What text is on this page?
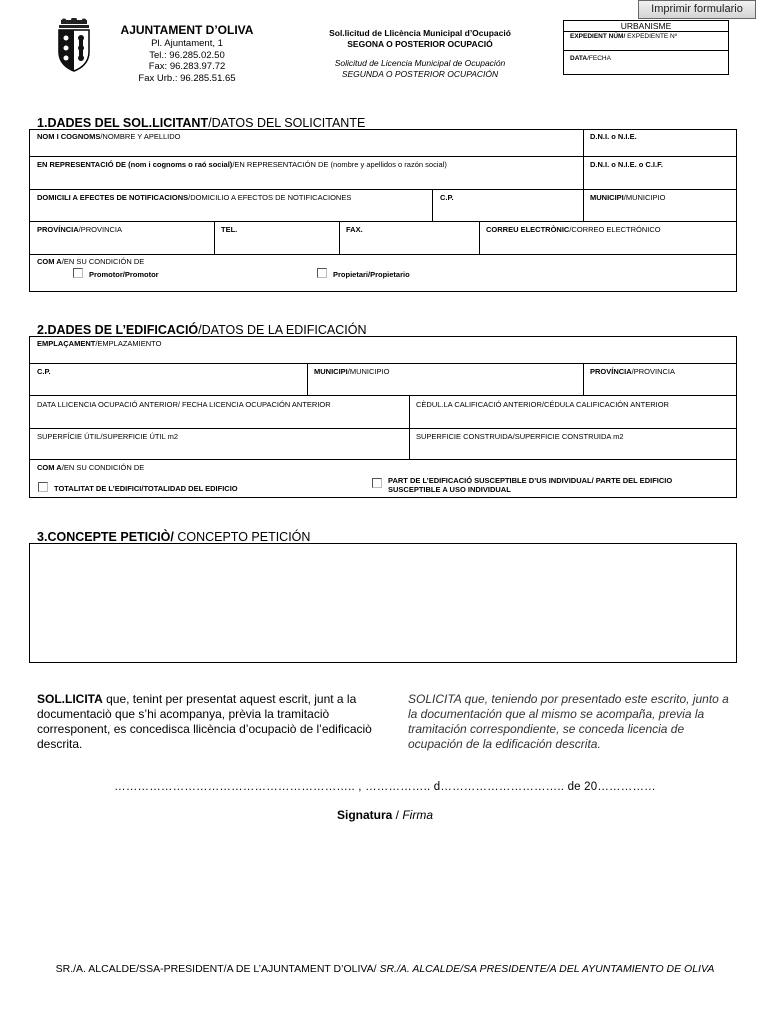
Imprimir formulario
AJUNTAMENT D’OLIVA
Pl. Ajuntament, 1
Tel.: 96.285.02.50
Fax: 96.283.97.72
Fax Urb.: 96.285.51.65
Sol.licitud de Llicència Municipal d’Ocupació
SEGONA O POSTERIOR OCUPACIÓ
Solicitud de Licencia Municipal de Ocupación
SEGUNDA O POSTERIOR OCUPACIÓN
URBANISME
EXPEDIENT NÚM/ EXPEDIENTE Nº
DATA/FECHA
1.DADES DEL SOL.LICITANT/DATOS DEL SOLICITANTE
NOM I COGNOMS/NOMBRE Y APELLIDO	D.N.I. o N.I.E.
EN REPRESENTACIÓ DE (nom i cognoms o raó social)/EN REPRESENTACIÓN DE (nombre y apellidos o razón social)	D.N.I. o N.I.E. o C.I.F.
DOMICILI A EFECTES DE NOTIFICACIONS/DOMICILIO A EFECTOS DE NOTIFICACIONES	C.P.	MUNICIPI/MUNICIPIO
PROVÍNCIA/PROVINCIA	TEL.	FAX.	CORREU ELECTRÒNIC/CORREO ELECTRÓNICO
COM A/EN SU CONDICIÓN DE
Promotor/Promotor	Propietari/Propietario
2.DADES DE L’EDIFICACIÓ/DATOS DE LA EDIFICACIÓN
EMPLAÇAMENT/EMPLAZAMIENTO
C.P.	MUNICIPI/MUNICIPIO	PROVÍNCIA/PROVINCIA
DATA LLICENCIA OCUPACIÓ ANTERIOR/ FECHA LICENCIA OCUPACIÓN ANTERIOR	CÈDUL.LA CALIFICACIÓ ANTERIOR/CÉDULA CALIFICACIÓN ANTERIOR
SUPERFÍCIE ÚTIL/SUPERFICIE ÚTIL m2	SUPERFICIE CONSTRUIDA/SUPERFICIE CONSTRUIDA m2
COM A/EN SU CONDICIÓN DE
TOTALITAT DE L’EDIFICI/TOTALIDAD DEL EDIFICIO
PART DE L’EDIFICACIÓ SUSCEPTIBLE D’US INDIVIDUAL/ PARTE DEL EDIFICIO
SUSCEPTIBLE A USO INDIVIDUAL
3.CONCEPTE PETICIÒ/ CONCEPTO PETICIÓN
SOL.LICITA que, tenint per presentat aquest escrit, junt a la documentaciò que s’hi acompanya, prèvia la tramitaciò corresponent, es concedisca llicència d’ocupaciò de l’edificaciò descrita.
SOLICITA que, teniendo por presentado este escrito, junto a la documentación que al mismo se acompaña, previa la tramitación correspondiente, se conceda licencia de ocupación de la edificación descrita.
…………………………………………………….. , …………….. d………………………….. de 20……………
Signatura / Firma
SR./A. ALCALDE/SSA-PRESIDENT/A DE L’AJUNTAMENT D’OLIVA/ SR./A. ALCALDE/SA PRESIDENTE/A DEL AYUNTAMIENTO DE OLIVA
